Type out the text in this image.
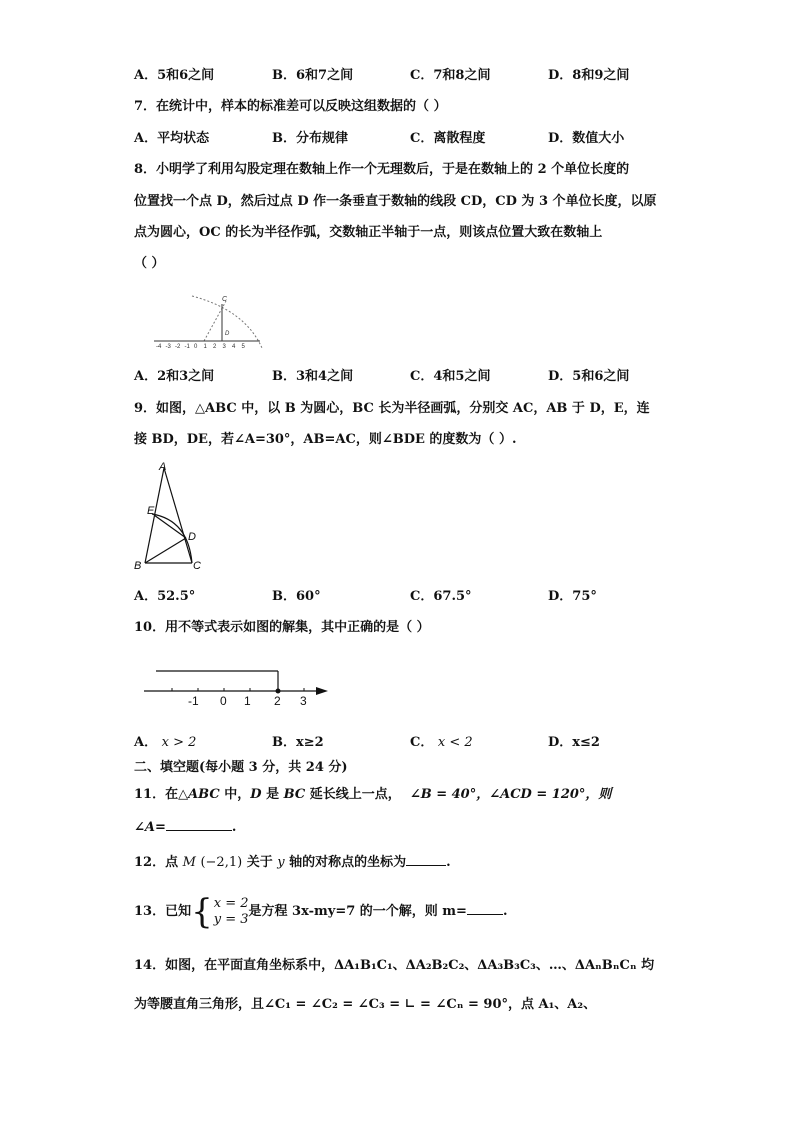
A．5和6之间	B．6和7之间	C．7和8之间	D．8和9之间
7．在统计中，样本的标准差可以反映这组数据的（ ）
A．平均状态	B．分布规律	C．离散程度	D．数值大小
8．小明学了利用勾股定理在数轴上作一个无理数后，于是在数轴上的 2 个单位长度的
位置找一个点 D，然后过点 D 作一条垂直于数轴的线段 CD，CD 为 3 个单位长度，以原
点为圆心，OC 的长为半径作弧，交数轴正半轴于一点，则该点位置大致在数轴上
（ ）
C
D
-4 -3 -2 -1 0 1 2 3 4 5
A．2和3之间	B．3和4之间	C．4和5之间	D．5和6之间
9．如图，△ABC 中，以 B 为圆心，BC 长为半径画弧，分别交 AC，AB 于 D，E，连
接 BD，DE，若∠A=30°，AB=AC，则∠BDE 的度数为（ ）.
A
E
D
B	C
A．52.5°	B．60°	C．67.5°	D．75°
10．用不等式表示如图的解集，其中正确的是（ ）
-1 0 1 2 3
A． x > 2	B．x≥2	C． x < 2	D．x≤2
二、填空题(每小题 3 分，共 24 分)
11．在△ABC 中，D 是 BC 延长线上一点， ∠B = 40°，∠ACD = 120°，则
∠A=	.
12．点 M (−2,1) 关于 y 轴的对称点的坐标为	.
13．已知 { x = 2
y = 3 是方程 3x-my=7 的一个解，则 m=	.
14．如图，在平面直角坐标系中，ΔA₁B₁C₁、ΔA₂B₂C₂、ΔA₃B₃C₃、…、ΔAₙBₙCₙ 均
为等腰直角三角形，且∠C₁ = ∠C₂ = ∠C₃ = ∟ = ∠Cₙ = 90°，点 A₁、A₂、
